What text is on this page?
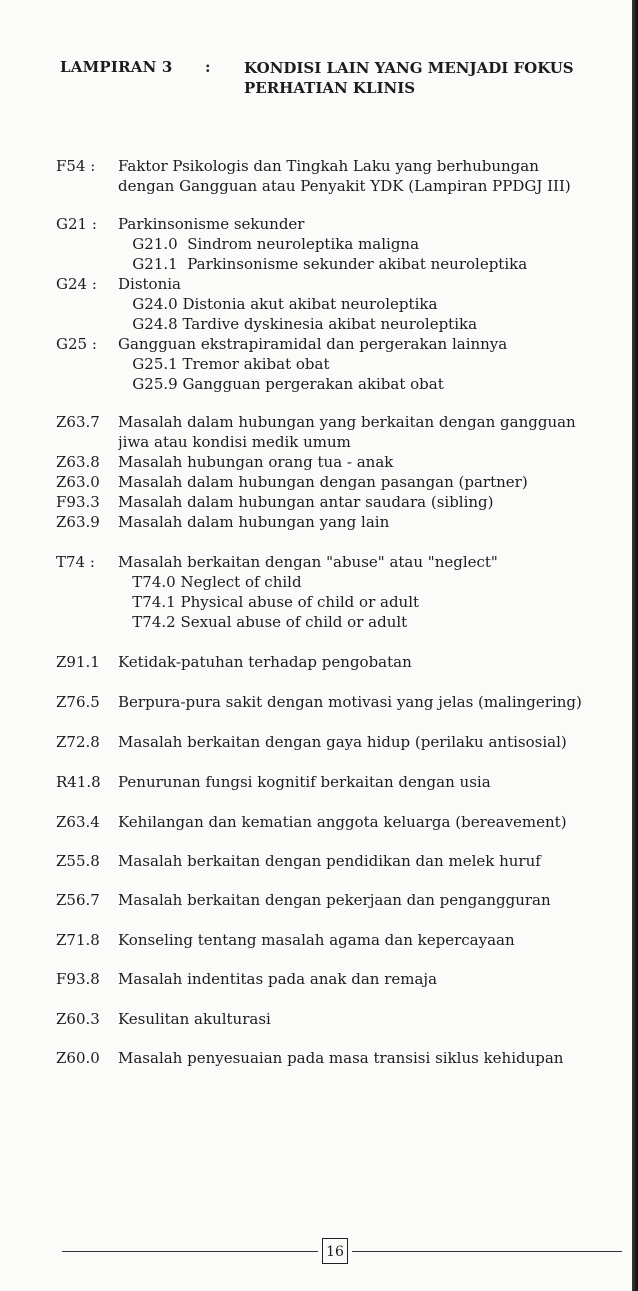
LAMPIRAN 3 : KONDISI LAIN YANG MENJADI FOKUS
PERHATIAN KLINIS
F54 :	Faktor Psikologis dan Tingkah Laku yang berhubungan
dengan Gangguan atau Penyakit YDK (Lampiran PPDGJ III)
G21 :	Parkinsonisme sekunder
G21.0  Sindrom neuroleptika maligna
G21.1  Parkinsonisme sekunder akibat neuroleptika
G24 :	Distonia
G24.0 Distonia akut akibat neuroleptika
G24.8 Tardive dyskinesia akibat neuroleptika
G25 :	Gangguan ekstrapiramidal dan pergerakan lainnya
G25.1 Tremor akibat obat
G25.9 Gangguan pergerakan akibat obat
Z63.7	Masalah dalam hubungan yang berkaitan dengan gangguan
jiwa atau kondisi medik umum
Z63.8	Masalah hubungan orang tua - anak
Z63.0	Masalah dalam hubungan dengan pasangan (partner)
F93.3	Masalah dalam hubungan antar saudara (sibling)
Z63.9	Masalah dalam hubungan yang lain
T74 :	Masalah berkaitan dengan "abuse" atau "neglect"
T74.0 Neglect of child
T74.1 Physical abuse of child or adult
T74.2 Sexual abuse of child or adult
Z91.1	Ketidak-patuhan terhadap pengobatan
Z76.5	Berpura-pura sakit dengan motivasi yang jelas (malingering)
Z72.8	Masalah berkaitan dengan gaya hidup (perilaku antisosial)
R41.8	Penurunan fungsi kognitif berkaitan dengan usia
Z63.4	Kehilangan dan kematian anggota keluarga (bereavement)
Z55.8	Masalah berkaitan dengan pendidikan dan melek huruf
Z56.7	Masalah berkaitan dengan pekerjaan dan pengangguran
Z71.8	Konseling tentang masalah agama dan kepercayaan
F93.8	Masalah indentitas pada anak dan remaja
Z60.3	Kesulitan akulturasi
Z60.0	Masalah penyesuaian pada masa transisi siklus kehidupan
16
